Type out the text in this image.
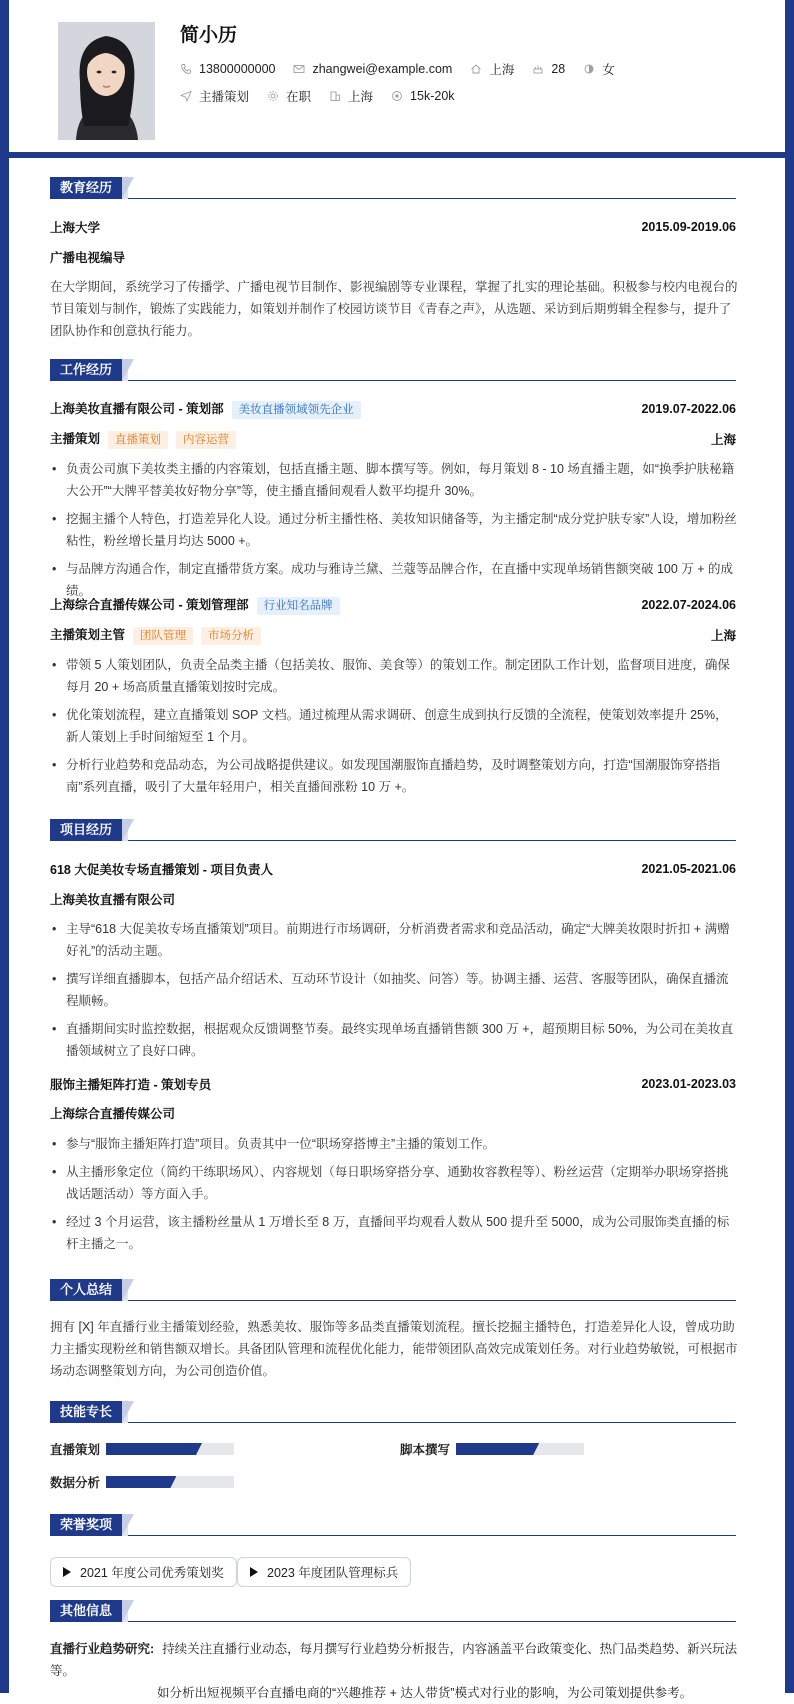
简小历
13800000000	zhangwei@example.com	上海	28	女
主播策划	在职	上海	15k-20k
教育经历
上海大学	2015.09-2019.06
广播电视编导
在大学期间，系统学习了传播学、广播电视节目制作、影视编剧等专业课程，掌握了扎实的理论基础。积极参与校内电视台的节目策划与制作，锻炼了实践能力，如策划并制作了校园访谈节目《青春之声》，从选题、采访到后期剪辑全程参与，提升了团队协作和创意执行能力。
工作经历
上海美妆直播有限公司 - 策划部 美妆直播领域领先企业	2019.07-2022.06
主播策划 直播策划 内容运营	上海
• 负责公司旗下美妆类主播的内容策划，包括直播主题、脚本撰写等。例如，每月策划 8 - 10 场直播主题，如“换季护肤秘籍大公开”“大牌平替美妆好物分享”等，使主播直播间观看人数平均提升 30%。
• 挖掘主播个人特色，打造差异化人设。通过分析主播性格、美妆知识储备等，为主播定制“成分党护肤专家”人设，增加粉丝粘性，粉丝增长量月均达 5000 +。
• 与品牌方沟通合作，制定直播带货方案。成功与雅诗兰黛、兰蔻等品牌合作，在直播中实现单场销售额突破 100 万 + 的成绩。
上海综合直播传媒公司 - 策划管理部 行业知名品牌	2022.07-2024.06
主播策划主管 团队管理 市场分析	上海
• 带领 5 人策划团队，负责全品类主播（包括美妆、服饰、美食等）的策划工作。制定团队工作计划，监督项目进度，确保每月 20 + 场高质量直播策划按时完成。
• 优化策划流程，建立直播策划 SOP 文档。通过梳理从需求调研、创意生成到执行反馈的全流程，使策划效率提升 25%，新人策划上手时间缩短至 1 个月。
• 分析行业趋势和竞品动态，为公司战略提供建议。如发现国潮服饰直播趋势，及时调整策划方向，打造“国潮服饰穿搭指南”系列直播，吸引了大量年轻用户，相关直播间涨粉 10 万 +。
项目经历
618 大促美妆专场直播策划 - 项目负责人	2021.05-2021.06
上海美妆直播有限公司
• 主导“618 大促美妆专场直播策划”项目。前期进行市场调研，分析消费者需求和竞品活动，确定“大牌美妆限时折扣 + 满赠好礼”的活动主题。
• 撰写详细直播脚本，包括产品介绍话术、互动环节设计（如抽奖、问答）等。协调主播、运营、客服等团队，确保直播流程顺畅。
• 直播期间实时监控数据，根据观众反馈调整节奏。最终实现单场直播销售额 300 万 +，超预期目标 50%，为公司在美妆直播领域树立了良好口碑。
服饰主播矩阵打造 - 策划专员	2023.01-2023.03
上海综合直播传媒公司
• 参与“服饰主播矩阵打造”项目。负责其中一位“职场穿搭博主”主播的策划工作。
• 从主播形象定位（简约干练职场风）、内容规划（每日职场穿搭分享、通勤妆容教程等）、粉丝运营（定期举办职场穿搭挑战话题活动）等方面入手。
• 经过 3 个月运营，该主播粉丝量从 1 万增长至 8 万，直播间平均观看人数从 500 提升至 5000，成为公司服饰类直播的标杆主播之一。
个人总结
拥有 [X] 年直播行业主播策划经验，熟悉美妆、服饰等多品类直播策划流程。擅长挖掘主播特色，打造差异化人设，曾成功助力主播实现粉丝和销售额双增长。具备团队管理和流程优化能力，能带领团队高效完成策划任务。对行业趋势敏锐，可根据市场动态调整策划方向，为公司创造价值。
技能专长
直播策划	脚本撰写
数据分析
荣誉奖项
2021 年度公司优秀策划奖	2023 年度团队管理标兵
其他信息
直播行业趋势研究: 持续关注直播行业动态，每月撰写行业趋势分析报告，内容涵盖平台政策变化、热门品类趋势、新兴玩法等。
如分析出短视频平台直播电商的“兴趣推荐 + 达人带货”模式对行业的影响，为公司策划提供参考。
